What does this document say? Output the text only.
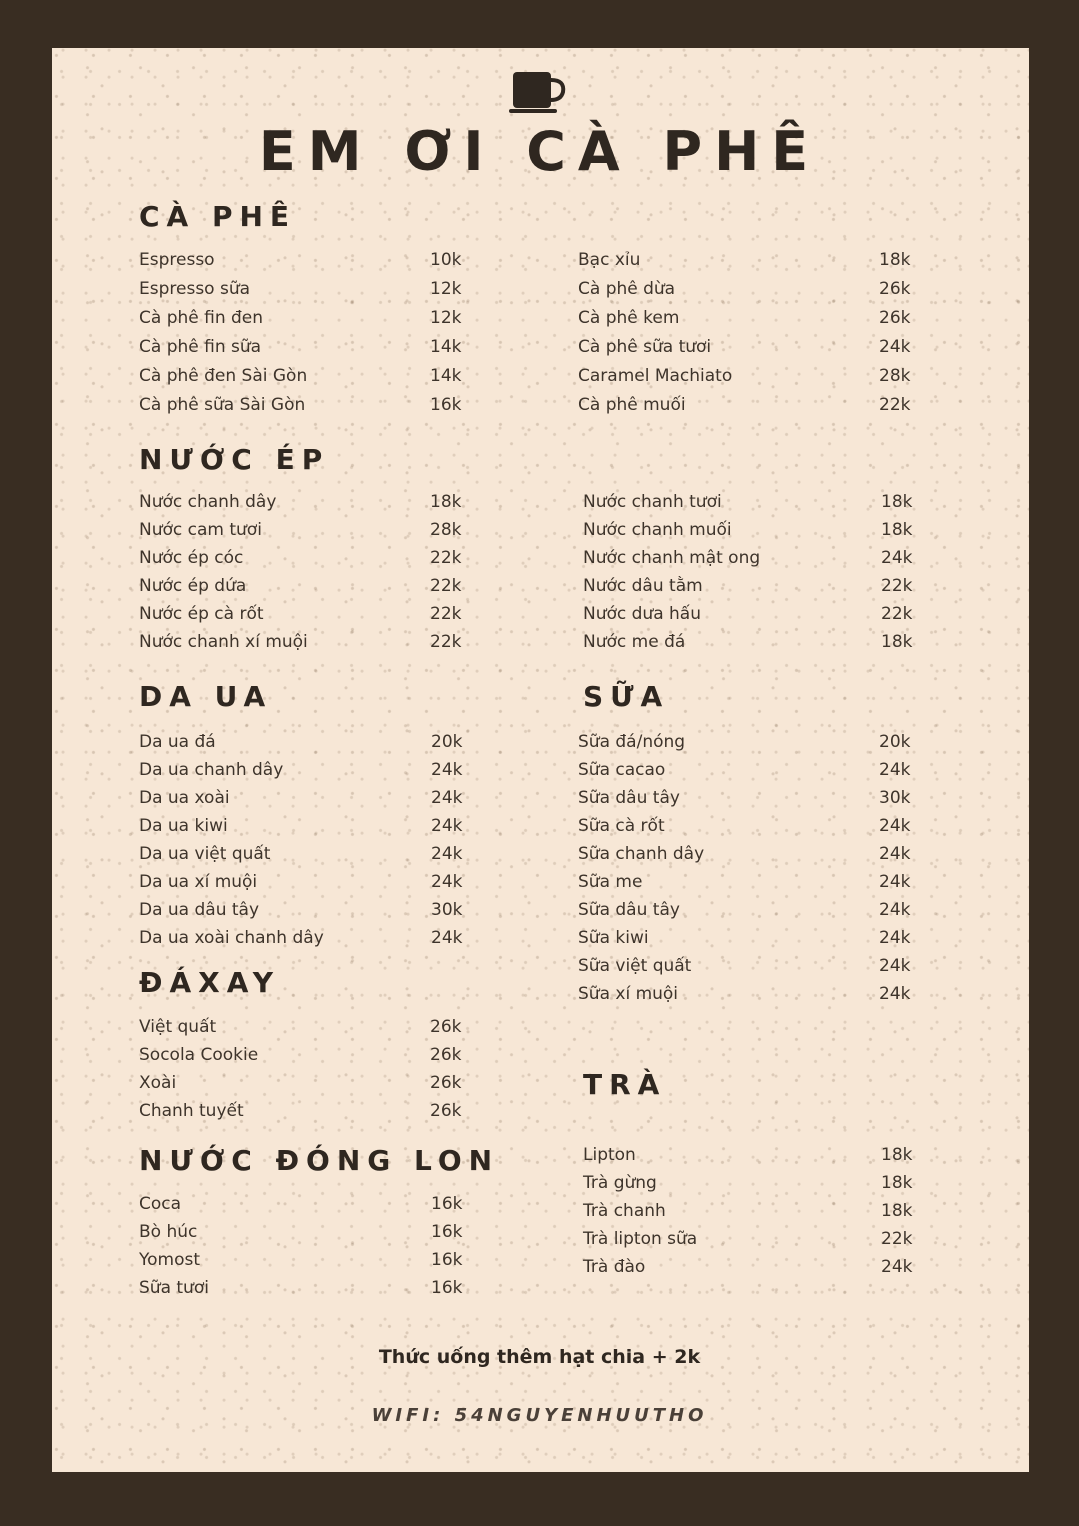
EM ƠI CÀ PHÊ
CÀ PHÊ
Espresso	10k
Espresso sữa	12k
Cà phê fin đen	12k
Cà phê fin sữa	14k
Cà phê đen Sài Gòn	14k
Cà phê sữa Sài Gòn	16k
Bạc xỉu	18k
Cà phê dừa	26k
Cà phê kem	26k
Cà phê sữa tươi	24k
Caramel Machiato	28k
Cà phê muối	22k
NƯỚC ÉP
Nước chanh dây	18k
Nước cam tươi	28k
Nước ép cóc	22k
Nước ép dứa	22k
Nước ép cà rốt	22k
Nước chanh xí muội	22k
Nước chanh tươi	18k
Nước chanh muối	18k
Nước chanh mật ong	24k
Nước dâu tằm	22k
Nước dưa hấu	22k
Nước me đá	18k
DA UA
Da ua đá	20k
Da ua chanh dây	24k
Da ua xoài	24k
Da ua kiwi	24k
Da ua việt quất	24k
Da ua xí muội	24k
Da ua dâu tây	30k
Da ua xoài chanh dây	24k
SỮA
Sữa đá/nóng	20k
Sữa cacao	24k
Sữa dâu tây	30k
Sữa cà rốt	24k
Sữa chanh dây	24k
Sữa me	24k
Sữa dâu tây	24k
Sữa kiwi	24k
Sữa việt quất	24k
Sữa xí muội	24k
ĐÁXAY
Việt quất	26k
Socola Cookie	26k
Xoài	26k
Chanh tuyết	26k
NƯỚC ĐÓNG LON
Coca	16k
Bò húc	16k
Yomost	16k
Sữa tươi	16k
TRÀ
Lipton	18k
Trà gừng	18k
Trà chanh	18k
Trà lipton sữa	22k
Trà đào	24k
Thức uống thêm hạt chia + 2k
WIFI: 54NGUYENHUUTHO
